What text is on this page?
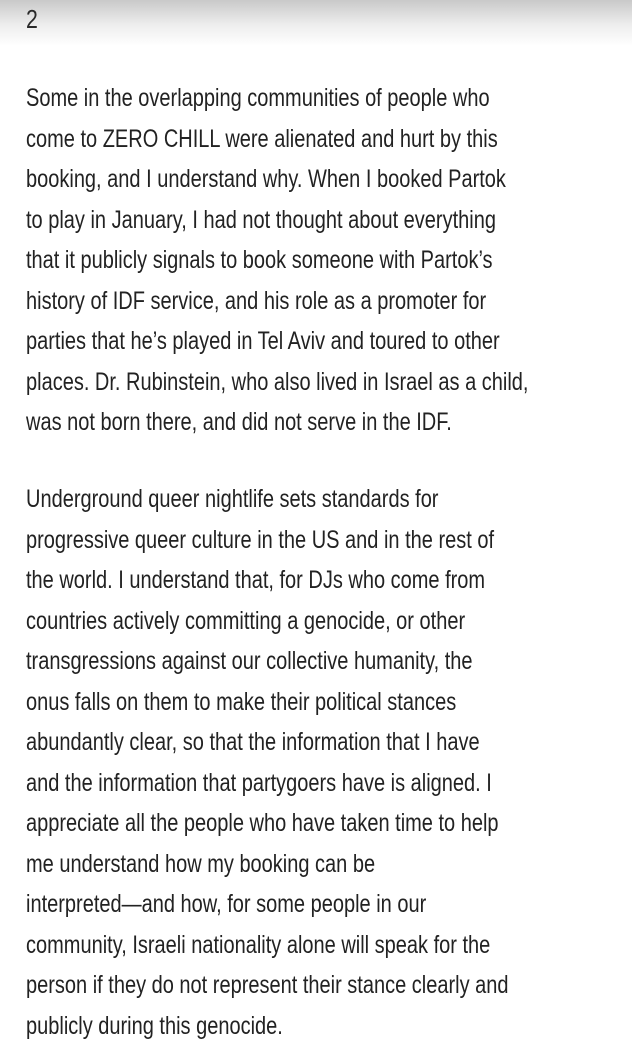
2
Some in the overlapping communities of people who
come to ZERO CHILL were alienated and hurt by this
booking, and I understand why. When I booked Partok
to play in January, I had not thought about everything
that it publicly signals to book someone with Partok’s
history of IDF service, and his role as a promoter for
parties that he’s played in Tel Aviv and toured to other
places. Dr. Rubinstein, who also lived in Israel as a child,
was not born there, and did not serve in the IDF.
Underground queer nightlife sets standards for
progressive queer culture in the US and in the rest of
the world. I understand that, for DJs who come from
countries actively committing a genocide, or other
transgressions against our collective humanity, the
onus falls on them to make their political stances
abundantly clear, so that the information that I have
and the information that partygoers have is aligned. I
appreciate all the people who have taken time to help
me understand how my booking can be
interpreted—and how, for some people in our
community, Israeli nationality alone will speak for the
person if they do not represent their stance clearly and
publicly during this genocide.
